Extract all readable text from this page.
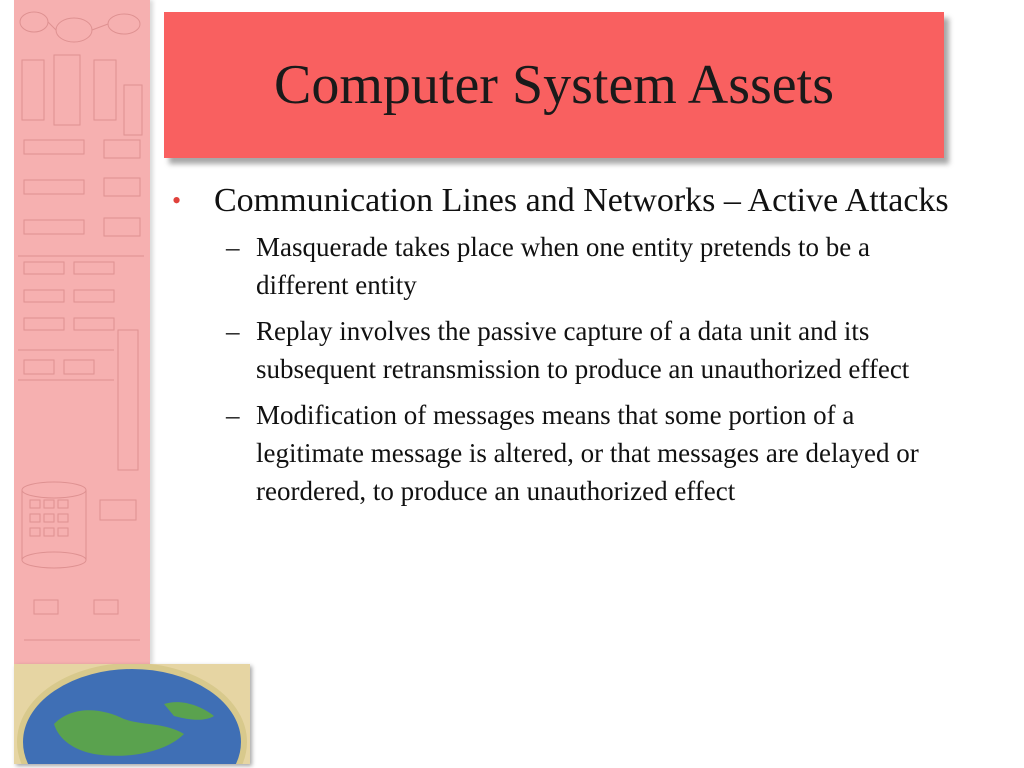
Computer System Assets
• Communication Lines and Networks – Active Attacks
– Masquerade takes place when one entity pretends to be a different entity
– Replay involves the passive capture of a data unit and its subsequent retransmission to produce an unauthorized effect
– Modification of messages means that some portion of a legitimate message is altered, or that messages are delayed or reordered, to produce an unauthorized effect
